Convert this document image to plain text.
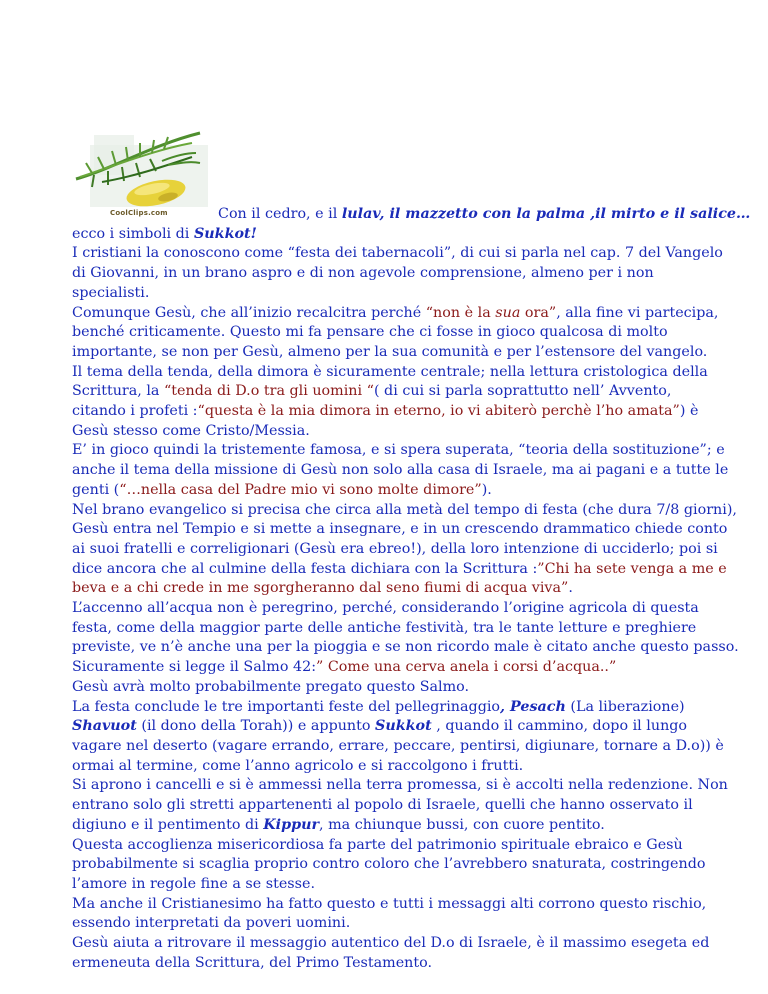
CoolClips.com	Con il cedro, e il lulav, il mazzetto con la palma ,il mirto e il salice…
ecco i simboli di Sukkot!
I cristiani la conoscono come “festa dei tabernacoli”, di cui si parla nel cap. 7 del Vangelo
di Giovanni, in un brano aspro e di non agevole comprensione, almeno per i non
specialisti.
Comunque Gesù, che all’inizio recalcitra perché “non è la sua ora”, alla fine vi partecipa,
benché criticamente. Questo mi fa pensare che ci fosse in gioco qualcosa di molto
importante, se non per Gesù, almeno per la sua comunità e per l’estensore del vangelo.
Il tema della tenda, della dimora è sicuramente centrale; nella lettura cristologica della
Scrittura, la “tenda di D.o tra gli uomini “( di cui si parla soprattutto nell’ Avvento,
citando i profeti :“questa è la mia dimora in eterno, io vi abiterò perchè l’ho amata”) è
Gesù stesso come Cristo/Messia.
E’ in gioco quindi la tristemente famosa, e si spera superata, “teoria della sostituzione”; e
anche il tema della missione di Gesù non solo alla casa di Israele, ma ai pagani e a tutte le
genti (“…nella casa del Padre mio vi sono molte dimore”).
Nel brano evangelico si precisa che circa alla metà del tempo di festa (che dura 7/8 giorni),
Gesù entra nel Tempio e si mette a insegnare, e in un crescendo drammatico chiede conto
ai suoi fratelli e correligionari (Gesù era ebreo!), della loro intenzione di ucciderlo; poi si
dice ancora che al culmine della festa dichiara con la Scrittura :”Chi ha sete venga a me e
beva e a chi crede in me sgorgheranno dal seno fiumi di acqua viva”.
L’accenno all’acqua non è peregrino, perché, considerando l’origine agricola di questa
festa, come della maggior parte delle antiche festività, tra le tante letture e preghiere
previste, ve n’è anche una per la pioggia e se non ricordo male è citato anche questo passo.
Sicuramente si legge il Salmo 42:” Come una cerva anela i corsi d’acqua..”
Gesù avrà molto probabilmente pregato questo Salmo.
La festa conclude le tre importanti feste del pellegrinaggio, Pesach (La liberazione)
Shavuot (il dono della Torah)) e appunto Sukkot , quando il cammino, dopo il lungo
vagare nel deserto (vagare errando, errare, peccare, pentirsi, digiunare, tornare a D.o)) è
ormai al termine, come l’anno agricolo e si raccolgono i frutti.
Si aprono i cancelli e si è ammessi nella terra promessa, si è accolti nella redenzione. Non
entrano solo gli stretti appartenenti al popolo di Israele, quelli che hanno osservato il
digiuno e il pentimento di Kippur, ma chiunque bussi, con cuore pentito.
Questa accoglienza misericordiosa fa parte del patrimonio spirituale ebraico e Gesù
probabilmente si scaglia proprio contro coloro che l’avrebbero snaturata, costringendo
l’amore in regole fine a se stesse.
Ma anche il Cristianesimo ha fatto questo e tutti i messaggi alti corrono questo rischio,
essendo interpretati da poveri uomini.
Gesù aiuta a ritrovare il messaggio autentico del D.o di Israele, è il massimo esegeta ed
ermeneuta della Scrittura, del Primo Testamento.
